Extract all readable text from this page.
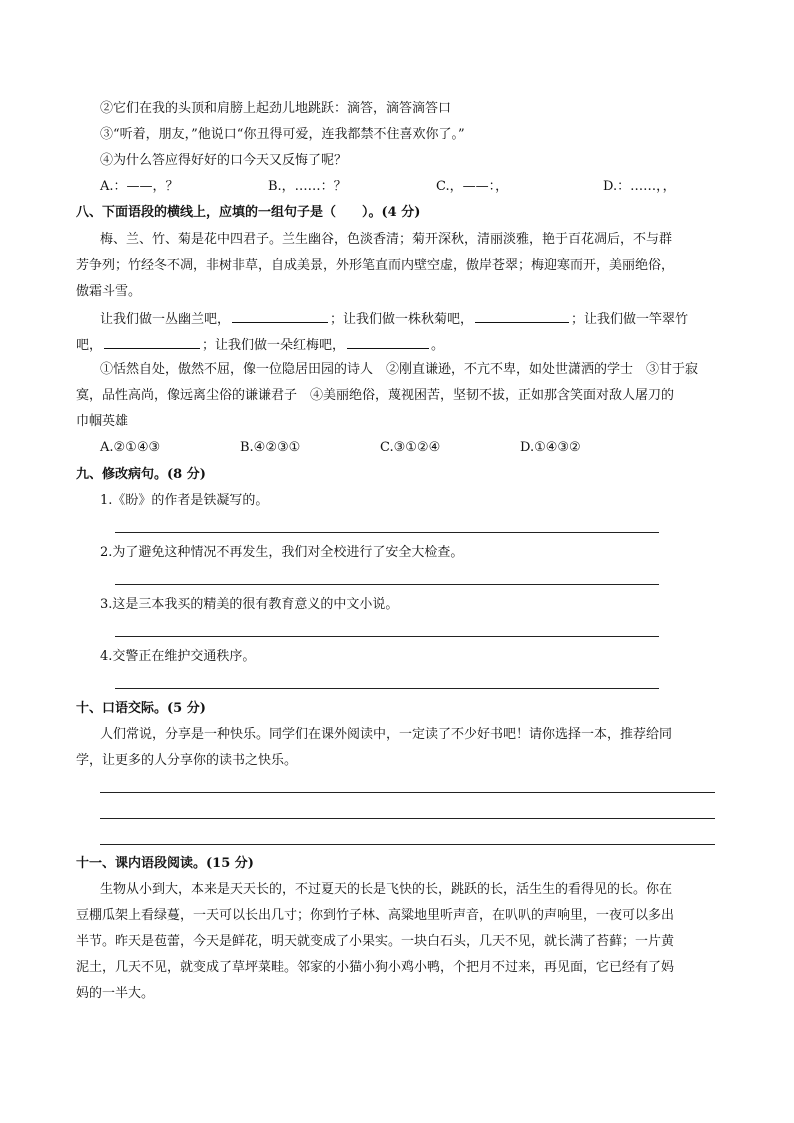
②它们在我的头顶和肩膀上起劲儿地跳跃：滴答，滴答滴答口
③“听着，朋友，”他说口“你丑得可爱，连我都禁不住喜欢你了。”
④为什么答应得好好的口今天又反悔了呢？
A.：——，？	B.，……：？	C.，——：，	D.：……，，
八、下面语段的横线上，应填的一组句子是（　　）。(4 分)
梅、兰、竹、菊是花中四君子。兰生幽谷，色淡香清；菊开深秋，清丽淡雅，艳于百花凋后，不与群
芳争列；竹经冬不凋，非树非草，自成美景，外形笔直而内壁空虚，傲岸苍翠；梅迎寒而开，美丽绝俗，
傲霜斗雪。
让我们做一丛幽兰吧，	；让我们做一株秋菊吧，	；让我们做一竿翠竹
吧，	；让我们做一朵红梅吧，	。
①恬然自处，傲然不屈，像一位隐居田园的诗人　②刚直谦逊，不亢不卑，如处世潇洒的学士　③甘于寂
寞，品性高尚，像远离尘俗的谦谦君子　④美丽绝俗，蔑视困苦，坚韧不拔，正如那含笑面对敌人屠刀的
巾帼英雄
A.②①④③	B.④②③①	C.③①②④	D.①④③②
九、修改病句。(8 分)
1.《盼》的作者是铁凝写的。
2.为了避免这种情况不再发生，我们对全校进行了安全大检查。
3.这是三本我买的精美的很有教育意义的中文小说。
4.交警正在维护交通秩序。
十、口语交际。(5 分)
人们常说，分享是一种快乐。同学们在课外阅读中，一定读了不少好书吧！请你选择一本，推荐给同
学，让更多的人分享你的读书之快乐。
十一、课内语段阅读。(15 分)
生物从小到大，本来是天天长的，不过夏天的长是飞快的长，跳跃的长，活生生的看得见的长。你在
豆棚瓜架上看绿蔓，一天可以长出几寸；你到竹子林、高粱地里听声音，在叭叭的声响里，一夜可以多出
半节。昨天是苞蕾，今天是鲜花，明天就变成了小果实。一块白石头，几天不见，就长满了苔藓；一片黄
泥土，几天不见，就变成了草坪菜畦。邻家的小猫小狗小鸡小鸭，个把月不过来，再见面，它已经有了妈
妈的一半大。
